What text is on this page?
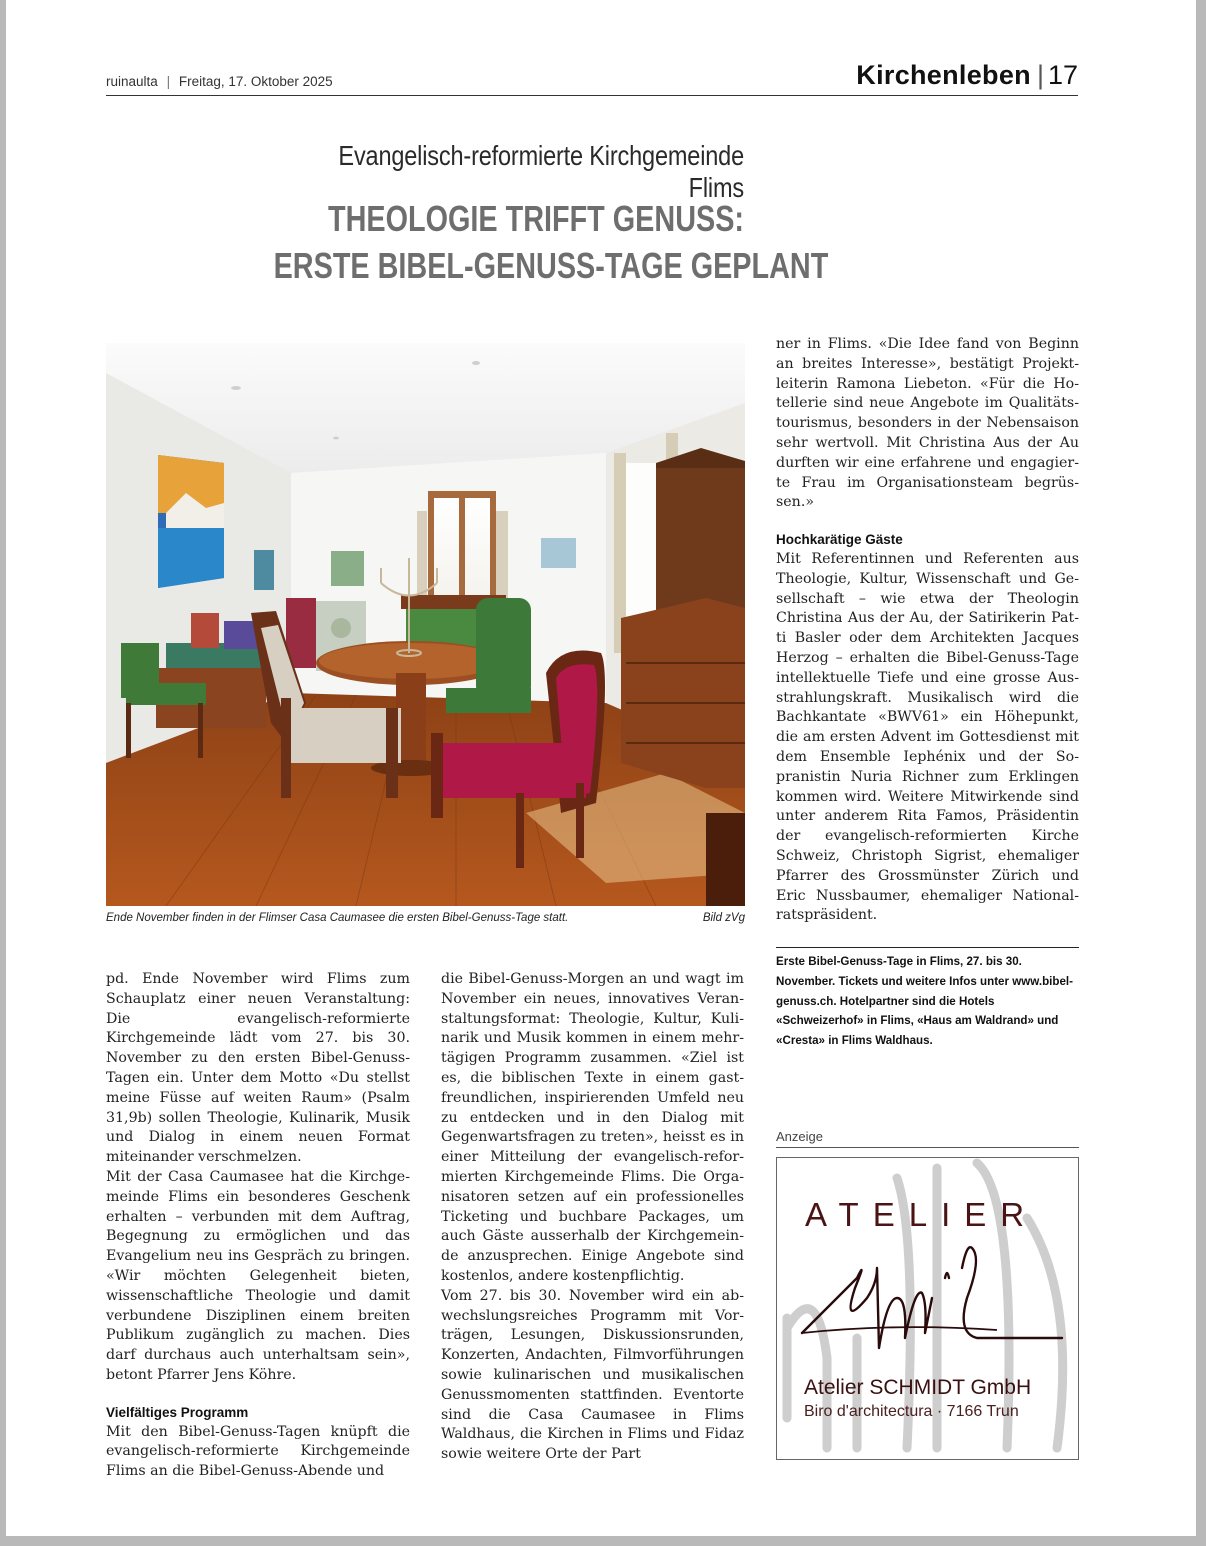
ruinaulta | Freitag, 17. Oktober 2025	Kirchenleben | 17
Evangelisch-reformierte Kirchgemeinde Flims
THEOLOGIE TRIFFT GENUSS:
ERSTE BIBEL-GENUSS-TAGE GEPLANT
Ende November finden in der Flimser Casa Caumasee die ersten Bibel-Genuss-Tage statt.	Bild zVg

pd. Ende November wird Flims zum Schauplatz einer neuen Veranstaltung: Die evangelisch-reformierte Kirchgemeinde lädt vom 27. bis 30. November zu den ersten Bibel-Genuss-Tagen ein. Unter dem Motto «Du stellst meine Füsse auf weiten Raum» (Psalm 31,9b) sollen Theologie, Kulinarik, Musik und Dialog in einem neuen Format miteinander verschmelzen.

Mit der Casa Caumasee hat die Kirchgemeinde Flims ein besonderes Geschenk erhalten – verbunden mit dem Auftrag, Begegnung zu ermöglichen und das Evangelium neu ins Gespräch zu bringen. «Wir möchten Gelegenheit bieten, wissenschaftliche Theologie und damit verbundene Disziplinen einem breiten Publikum zugänglich zu machen. Dies darf durchaus auch unterhaltsam sein», betont Pfarrer Jens Köhre.

Vielfältiges Programm

Mit den Bibel-Genuss-Tagen knüpft die evangelisch-reformierte Kirchgemeinde Flims an die Bibel-Genuss-Abende und

die Bibel-Genuss-Morgen an und wagt im November ein neues, innovatives Veranstaltungsformat: Theologie, Kultur, Kulinarik und Musik kommen in einem mehrtägigen Programm zusammen. «Ziel ist es, die biblischen Texte in einem gastfreundlichen, inspirierenden Umfeld neu zu entdecken und in den Dialog mit Gegenwartsfragen zu treten», heisst es in einer Mitteilung der evangelisch-reformierten Kirchgemeinde Flims. Die Organisatoren setzen auf ein professionelles Ticketing und buchbare Packages, um auch Gäste ausserhalb der Kirchgemeinde anzusprechen. Einige Angebote sind kostenlos, andere kostenpflichtig.

Vom 27. bis 30. November wird ein abwechslungsreiches Programm mit Vorträgen, Lesungen, Diskussionsrunden, Konzerten, Andachten, Filmvorführungen sowie kulinarischen und musikalischen Genussmomenten stattfinden. Eventorte sind die Casa Caumasee in Flims Waldhaus, die Kirchen in Flims und Fidaz sowie weitere Orte der Part

ner in Flims. «Die Idee fand von Beginn an breites Interesse», bestätigt Projektleiterin Ramona Liebeton. «Für die Hotellerie sind neue Angebote im Qualitätstourismus, besonders in der Nebensaison sehr wertvoll. Mit Christina Aus der Au durften wir eine erfahrene und engagierte Frau im Organisationsteam begrüssen.»

Hochkarätige Gäste

Mit Referentinnen und Referenten aus Theologie, Kultur, Wissenschaft und Gesellschaft – wie etwa der Theologin Christina Aus der Au, der Satirikerin Patti Basler oder dem Architekten Jacques Herzog – erhalten die Bibel-Genuss-Tage intellektuelle Tiefe und eine grosse Ausstrahlungskraft. Musikalisch wird die Bachkantate «BWV61» ein Höhepunkt, die am ersten Advent im Gottesdienst mit dem Ensemble Iephénix und der Sopranistin Nuria Richner zum Erklingen kommen wird. Weitere Mitwirkende sind unter anderem Rita Famos, Präsidentin der evangelisch-reformierten Kirche Schweiz, Christoph Sigrist, ehemaliger Pfarrer des Grossmünster Zürich und Eric Nussbaumer, ehemaliger Nationalratspräsident.

Erste Bibel-Genuss-Tage in Flims, 27. bis 30. November. Tickets und weitere Infos unter www.bibel-genuss.ch. Hotelpartner sind die Hotels «Schweizerhof» in Flims, «Haus am Waldrand» und «Cresta» in Flims Waldhaus.
Anzeige
ATELIER
Atelier SCHMIDT GmbH
Biro d'architectura · 7166 Trun
